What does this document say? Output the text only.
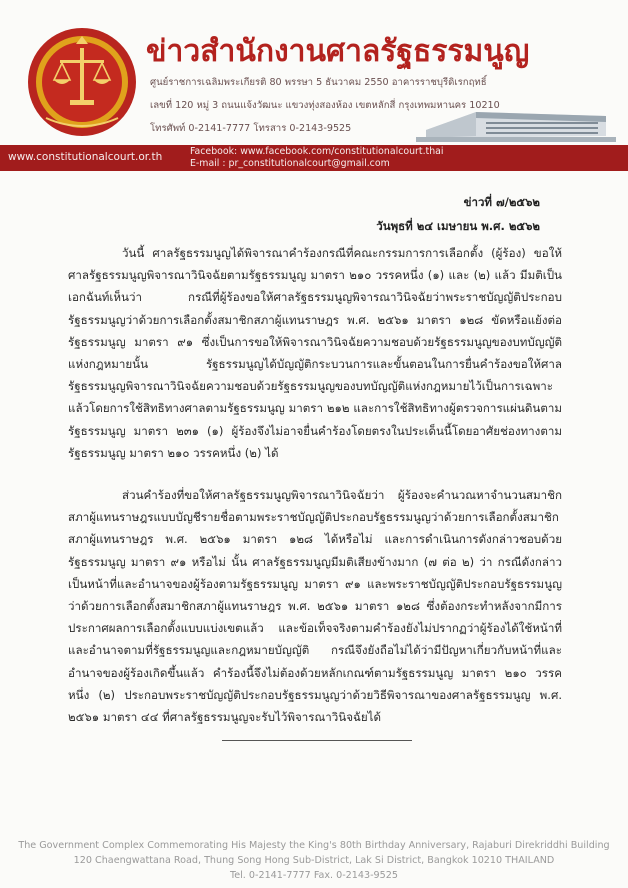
ข่าวสำนักงานศาลรัฐธรรมนูญ
ศูนย์ราชการเฉลิมพระเกียรติ 80 พรรษา 5 ธันวาคม 2550 อาคารราชบุรีดิเรกฤทธิ์
เลขที่ 120 หมู่ 3 ถนนแจ้งวัฒนะ แขวงทุ่งสองห้อง เขตหลักสี่ กรุงเทพมหานคร 10210
โทรศัพท์ 0-2141-7777 โทรสาร 0-2143-9525
www.constitutionalcourt.or.th	Facebook: www.facebook.com/constitutionalcourt.thai
E-mail : pr_constitutionalcourt@gmail.com
ข่าวที่ ๗/๒๕๖๒
วันพุธที่ ๒๔ เมษายน พ.ศ. ๒๕๖๒

วันนี้ ศาลรัฐธรรมนูญได้พิจารณาคำร้องกรณีที่คณะกรรมการการเลือกตั้ง (ผู้ร้อง) ขอให้ศาลรัฐธรรมนูญพิจารณาวินิจฉัยตามรัฐธรรมนูญ มาตรา ๒๑๐ วรรคหนึ่ง (๑) และ (๒) แล้ว มีมติเป็นเอกฉันท์เห็นว่า กรณีที่ผู้ร้องขอให้ศาลรัฐธรรมนูญพิจารณาวินิจฉัยว่าพระราชบัญญัติประกอบรัฐธรรมนูญว่าด้วยการเลือกตั้งสมาชิกสภาผู้แทนราษฎร พ.ศ. ๒๕๖๑ มาตรา ๑๒๘ ขัดหรือแย้งต่อรัฐธรรมนูญ มาตรา ๙๑ ซึ่งเป็นการขอให้พิจารณาวินิจฉัยความชอบด้วยรัฐธรรมนูญของบทบัญญัติแห่งกฎหมายนั้น รัฐธรรมนูญได้บัญญัติกระบวนการและขั้นตอนในการยื่นคำร้องขอให้ศาลรัฐธรรมนูญพิจารณาวินิจฉัยความชอบด้วยรัฐธรรมนูญของบทบัญญัติแห่งกฎหมายไว้เป็นการเฉพาะแล้วโดยการใช้สิทธิทางศาลตามรัฐธรรมนูญ มาตรา ๒๑๒ และการใช้สิทธิทางผู้ตรวจการแผ่นดินตามรัฐธรรมนูญ มาตรา ๒๓๑ (๑) ผู้ร้องจึงไม่อาจยื่นคำร้องโดยตรงในประเด็นนี้โดยอาศัยช่องทางตามรัฐธรรมนูญ มาตรา ๒๑๐ วรรคหนึ่ง (๒) ได้

ส่วนคำร้องที่ขอให้ศาลรัฐธรรมนูญพิจารณาวินิจฉัยว่า ผู้ร้องจะคำนวณหาจำนวนสมาชิกสภาผู้แทนราษฎรแบบบัญชีรายชื่อตามพระราชบัญญัติประกอบรัฐธรรมนูญว่าด้วยการเลือกตั้งสมาชิกสภาผู้แทนราษฎร พ.ศ. ๒๕๖๑ มาตรา ๑๒๘ ได้หรือไม่ และการดำเนินการดังกล่าวชอบด้วยรัฐธรรมนูญ มาตรา ๙๑ หรือไม่ นั้น ศาลรัฐธรรมนูญมีมติเสียงข้างมาก (๗ ต่อ ๒) ว่า กรณีดังกล่าวเป็นหน้าที่และอำนาจของผู้ร้องตามรัฐธรรมนูญ มาตรา ๙๑ และพระราชบัญญัติประกอบรัฐธรรมนูญว่าด้วยการเลือกตั้งสมาชิกสภาผู้แทนราษฎร พ.ศ. ๒๕๖๑ มาตรา ๑๒๘ ซึ่งต้องกระทำหลังจากมีการประกาศผลการเลือกตั้งแบบแบ่งเขตแล้ว และข้อเท็จจริงตามคำร้องยังไม่ปรากฏว่าผู้ร้องได้ใช้หน้าที่และอำนาจตามที่รัฐธรรมนูญและกฎหมายบัญญัติ กรณีจึงยังถือไม่ได้ว่ามีปัญหาเกี่ยวกับหน้าที่และอำนาจของผู้ร้องเกิดขึ้นแล้ว คำร้องนี้จึงไม่ต้องด้วยหลักเกณฑ์ตามรัฐธรรมนูญ มาตรา ๒๑๐ วรรคหนึ่ง (๒) ประกอบพระราชบัญญัติประกอบรัฐธรรมนูญว่าด้วยวิธีพิจารณาของศาลรัฐธรรมนูญ พ.ศ. ๒๕๖๑ มาตรา ๔๔ ที่ศาลรัฐธรรมนูญจะรับไว้พิจารณาวินิจฉัยได้

The Government Complex Commemorating His Majesty the King's 80th Birthday Anniversary, Rajaburi Direkriddhi Building
120 Chaengwattana Road, Thung Song Hong Sub-District, Lak Si District, Bangkok 10210 THAILAND
Tel. 0-2141-7777 Fax. 0-2143-9525
